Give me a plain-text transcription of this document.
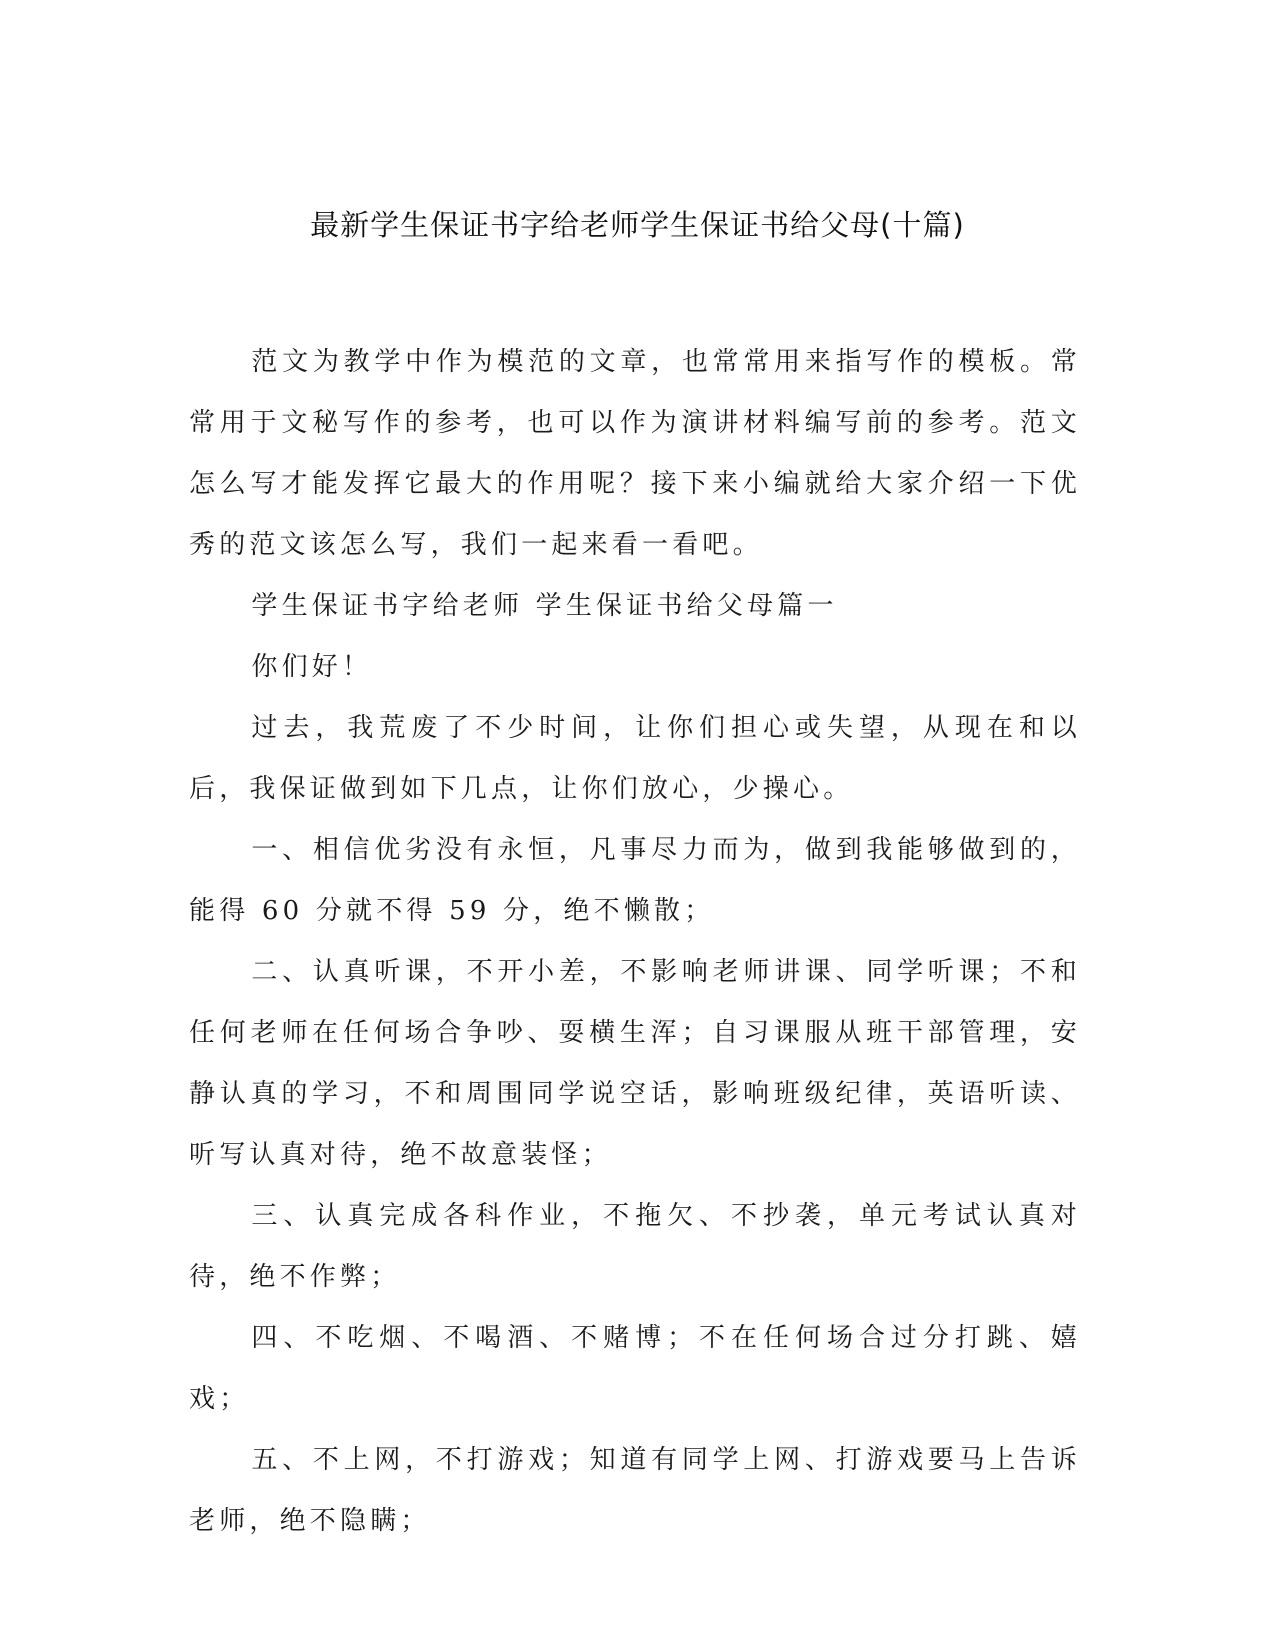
最新学生保证书字给老师学生保证书给父母(十篇)

范文为教学中作为模范的文章，也常常用来指写作的模板。常常用于文秘写作的参考，也可以作为演讲材料编写前的参考。范文怎么写才能发挥它最大的作用呢？接下来小编就给大家介绍一下优秀的范文该怎么写，我们一起来看一看吧。

学生保证书字给老师 学生保证书给父母篇一

你们好！

过去，我荒废了不少时间，让你们担心或失望，从现在和以后，我保证做到如下几点，让你们放心，少操心。

一、相信优劣没有永恒，凡事尽力而为，做到我能够做到的，能得 60 分就不得 59 分，绝不懒散；

二、认真听课，不开小差，不影响老师讲课、同学听课；不和任何老师在任何场合争吵、耍横生浑；自习课服从班干部管理，安静认真的学习，不和周围同学说空话，影响班级纪律，英语听读、听写认真对待，绝不故意装怪；

三、认真完成各科作业，不拖欠、不抄袭，单元考试认真对待，绝不作弊；

四、不吃烟、不喝酒、不赌博；不在任何场合过分打跳、嬉戏；

五、不上网，不打游戏；知道有同学上网、打游戏要马上告诉老师，绝不隐瞒；
